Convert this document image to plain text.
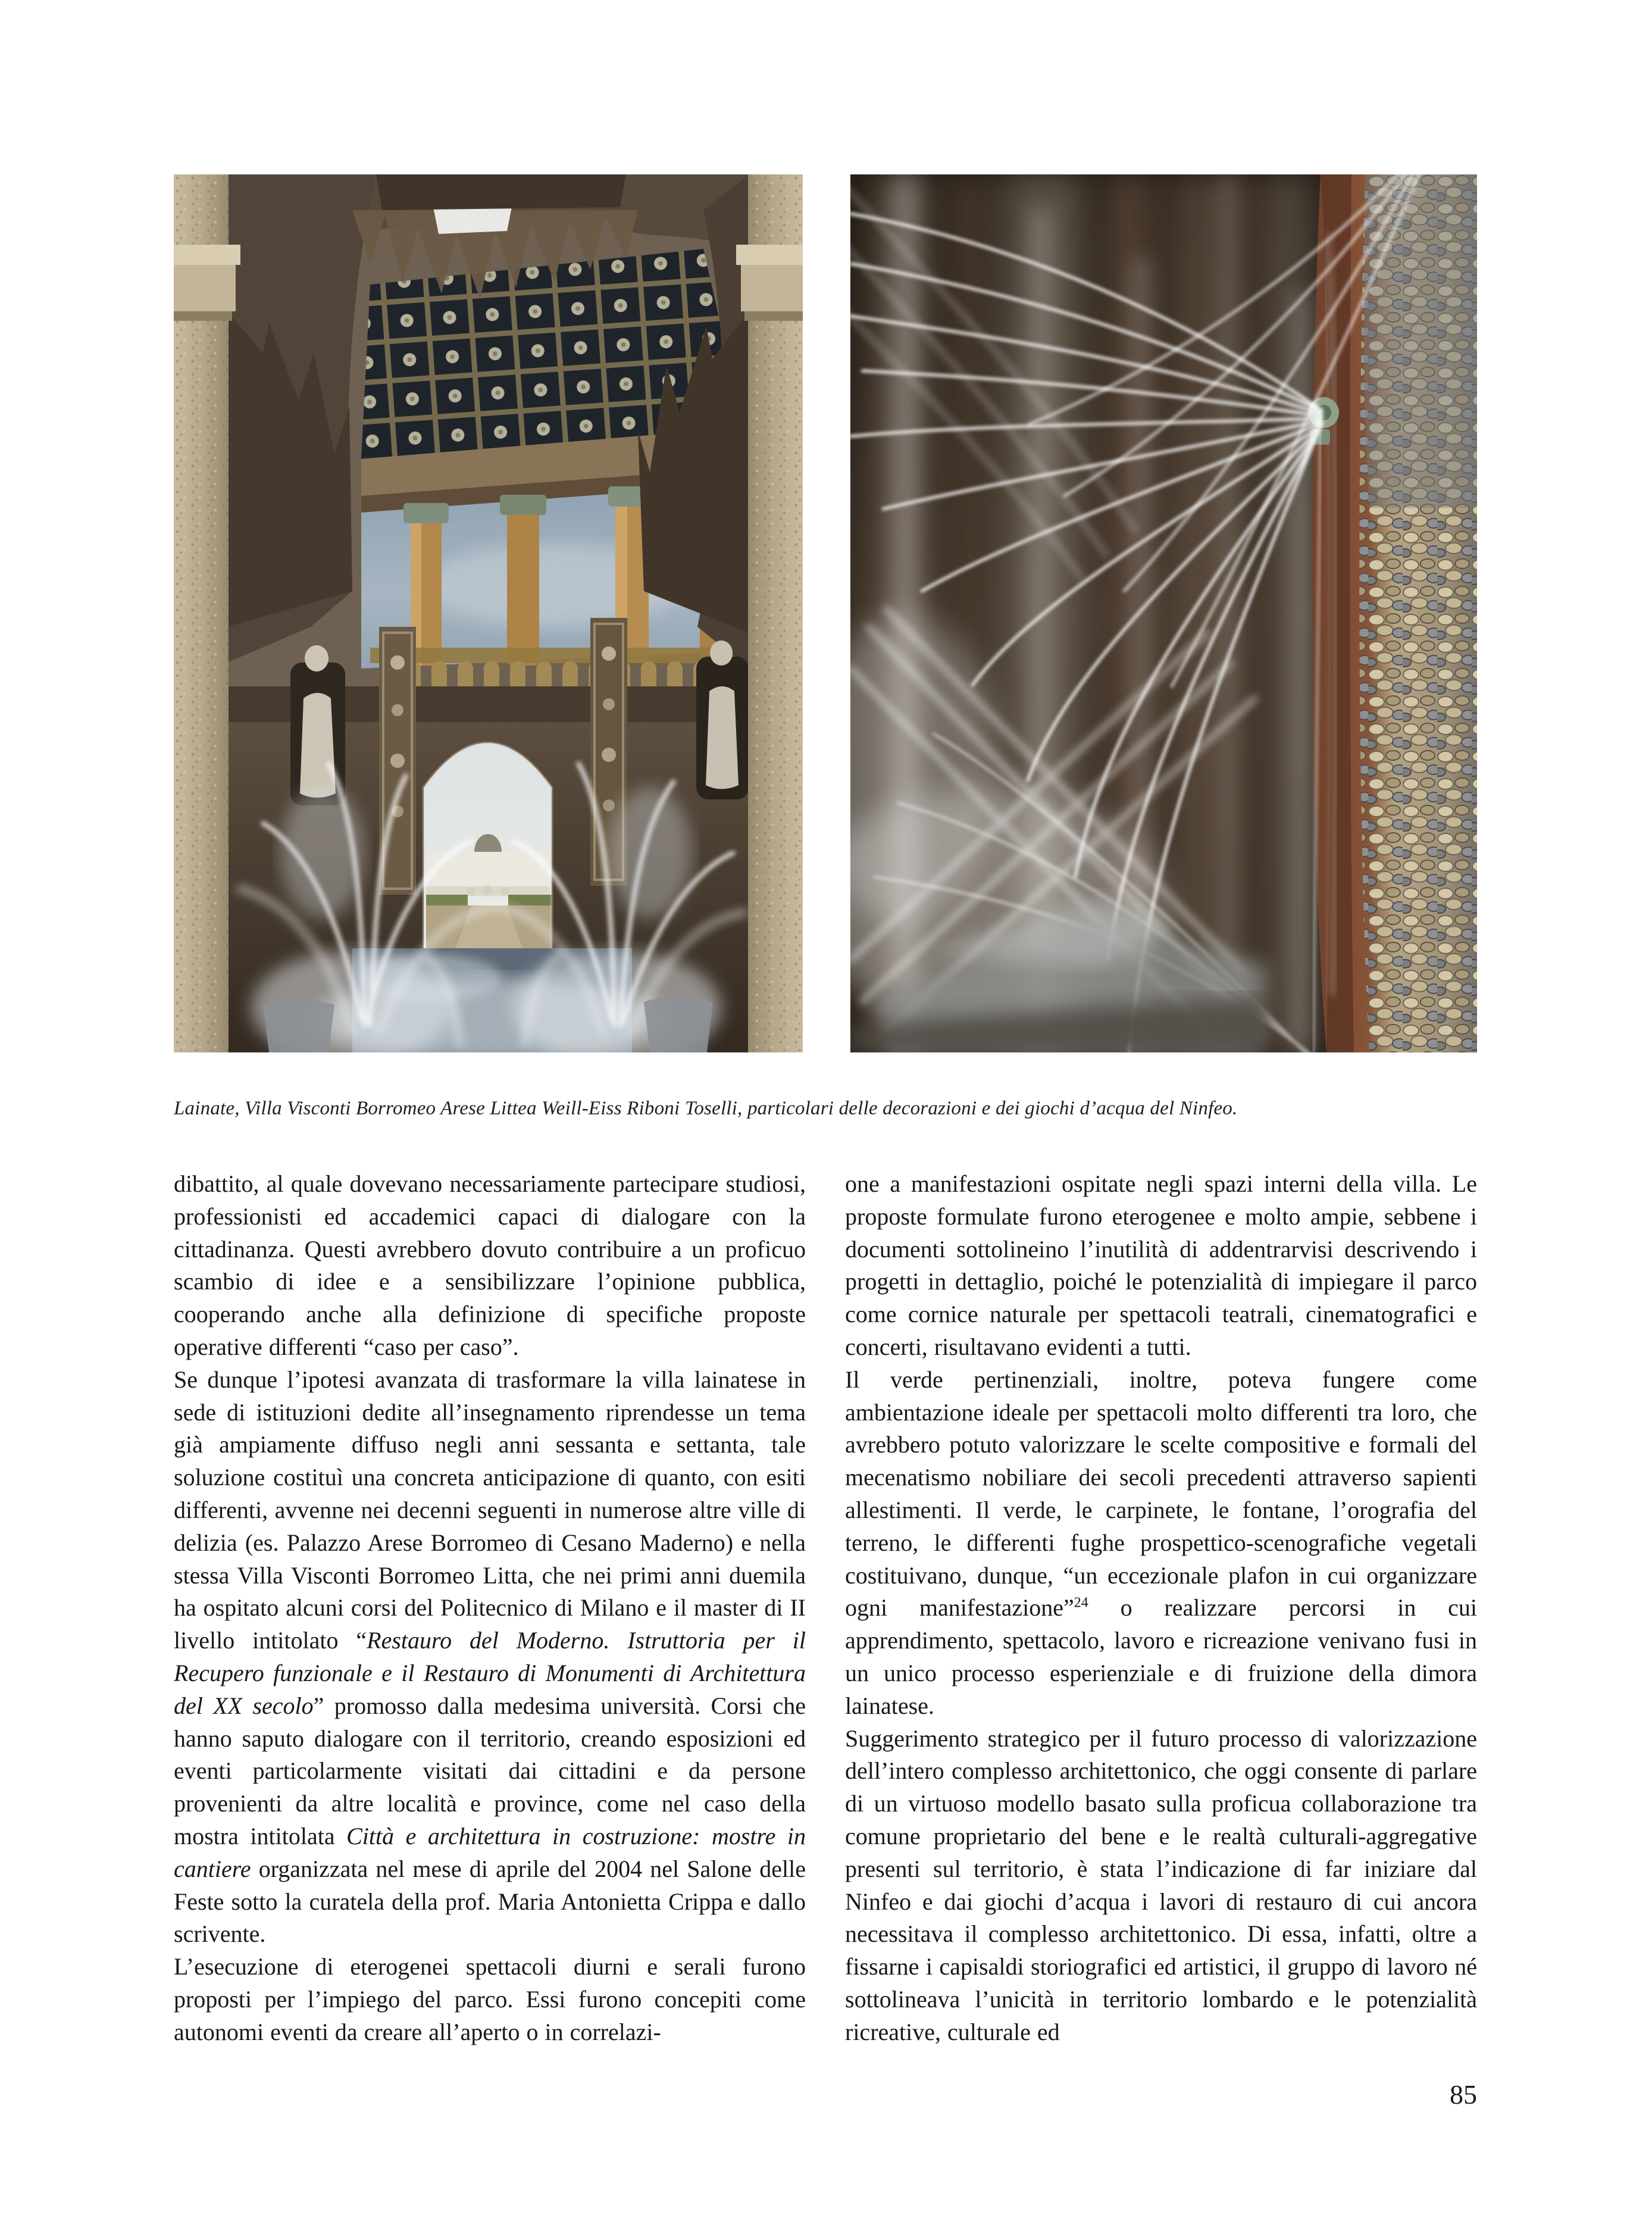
Lainate, Villa Visconti Borromeo Arese Littea Weill-Eiss Riboni Toselli, particolari delle decorazioni e dei giochi d’acqua del Ninfeo.

dibattito, al quale dovevano necessariamente partecipare studiosi, professionisti ed accademici capaci di dialogare con la cittadinanza. Questi avrebbero dovuto contribuire a un proficuo scambio di idee e a sensibilizzare l’opinione pubblica, cooperando anche alla definizione di specifiche proposte operative differenti “caso per caso”.

Se dunque l’ipotesi avanzata di trasformare la villa lainatese in sede di istituzioni dedite all’insegnamento riprendesse un tema già ampiamente diffuso negli anni sessanta e settanta, tale soluzione costituì una concreta anticipazione di quanto, con esiti differenti, avvenne nei decenni seguenti in numerose altre ville di delizia (es. Palazzo Arese Borromeo di Cesano Maderno) e nella stessa Villa Visconti Borromeo Litta, che nei primi anni duemila ha ospitato alcuni corsi del Politecnico di Milano e il master di II livello intitolato “Restauro del Moderno. Istruttoria per il Recupero funzionale e il Restauro di Monumenti di Architettura del XX secolo” promosso dalla medesima università. Corsi che hanno saputo dialogare con il territorio, creando esposizioni ed eventi particolarmente visitati dai cittadini e da persone provenienti da altre località e province, come nel caso della mostra intitolata Città e architettura in costruzione: mostre in cantiere organizzata nel mese di aprile del 2004 nel Salone delle Feste sotto la curatela della prof. Maria Antonietta Crippa e dallo scrivente.

L’esecuzione di eterogenei spettacoli diurni e serali furono proposti per l’impiego del parco. Essi furono concepiti come autonomi eventi da creare all’aperto o in correlazi-

one a manifestazioni ospitate negli spazi interni della villa. Le proposte formulate furono eterogenee e molto ampie, sebbene i documenti sottolineino l’inutilità di addentrarvisi descrivendo i progetti in dettaglio, poiché le potenzialità di impiegare il parco come cornice naturale per spettacoli teatrali, cinematografici e concerti, risultavano evidenti a tutti.

Il verde pertinenziali, inoltre, poteva fungere come ambientazione ideale per spettacoli molto differenti tra loro, che avrebbero potuto valorizzare le scelte compositive e formali del mecenatismo nobiliare dei secoli precedenti attraverso sapienti allestimenti. Il verde, le carpinete, le fontane, l’orografia del terreno, le differenti fughe prospettico-scenografiche vegetali costituivano, dunque, “un eccezionale plafon in cui organizzare ogni manifestazione”$^{24}$ o realizzare percorsi in cui apprendimento, spettacolo, lavoro e ricreazione venivano fusi in un unico processo esperienziale e di fruizione della dimora lainatese.

Suggerimento strategico per il futuro processo di valorizzazione dell’intero complesso architettonico, che oggi consente di parlare di un virtuoso modello basato sulla proficua collaborazione tra comune proprietario del bene e le realtà culturali-aggregative presenti sul territorio, è stata l’indicazione di far iniziare dal Ninfeo e dai giochi d’acqua i lavori di restauro di cui ancora necessitava il complesso architettonico. Di essa, infatti, oltre a fissarne i capisaldi storiografici ed artistici, il gruppo di lavoro né sottolineava l’unicità in territorio lombardo e le potenzialità ricreative, culturale ed

85
